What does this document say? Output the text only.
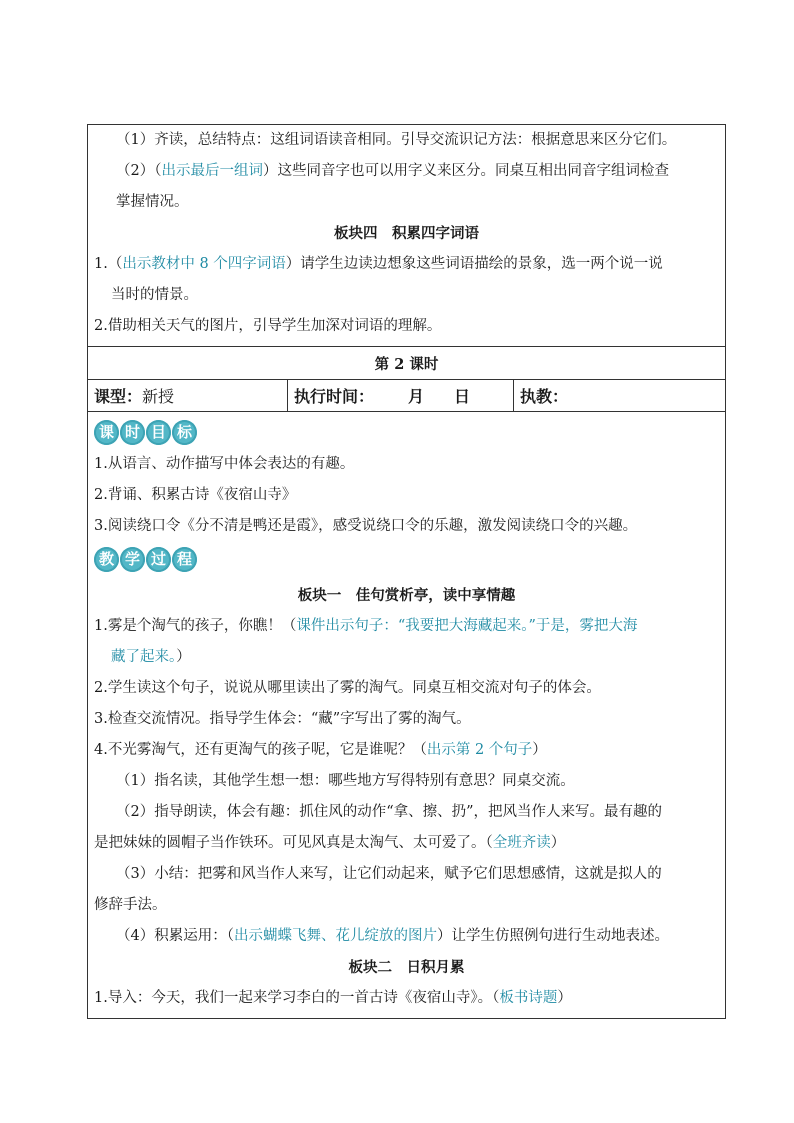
（1）齐读，总结特点：这组词语读音相同。引导交流识记方法：根据意思来区分它们。
（2）（出示最后一组词）这些同音字也可以用字义来区分。同桌互相出同音字组词检查
掌握情况。
板块四　积累四字词语
1.（出示教材中 8 个四字词语）请学生边读边想象这些词语描绘的景象，选一两个说一说
当时的情景。
2.借助相关天气的图片，引导学生加深对词语的理解。

第 2 课时
课型：新授	执行时间： 月 日	执教：

课 时 目 标
1.从语言、动作描写中体会表达的有趣。
2.背诵、积累古诗《夜宿山寺》
3.阅读绕口令《分不清是鸭还是霞》，感受说绕口令的乐趣，激发阅读绕口令的兴趣。
教 学 过 程
板块一　佳句赏析亭，读中享情趣
1.雾是个淘气的孩子，你瞧！（课件出示句子：“我要把大海藏起来。”于是，雾把大海
藏了起来。）
2.学生读这个句子，说说从哪里读出了雾的淘气。同桌互相交流对句子的体会。
3.检查交流情况。指导学生体会：“藏”字写出了雾的淘气。
4.不光雾淘气，还有更淘气的孩子呢，它是谁呢？（出示第 2 个句子）
（1）指名读，其他学生想一想：哪些地方写得特别有意思？同桌交流。
（2）指导朗读，体会有趣：抓住风的动作“拿、擦、扔”，把风当作人来写。最有趣的
是把妹妹的圆帽子当作铁环。可见风真是太淘气、太可爱了。（全班齐读）
（3）小结：把雾和风当作人来写，让它们动起来，赋予它们思想感情，这就是拟人的
修辞手法。
（4）积累运用：（出示蝴蝶飞舞、花儿绽放的图片）让学生仿照例句进行生动地表述。
板块二　日积月累
1.导入：今天，我们一起来学习李白的一首古诗《夜宿山寺》。（板书诗题）
